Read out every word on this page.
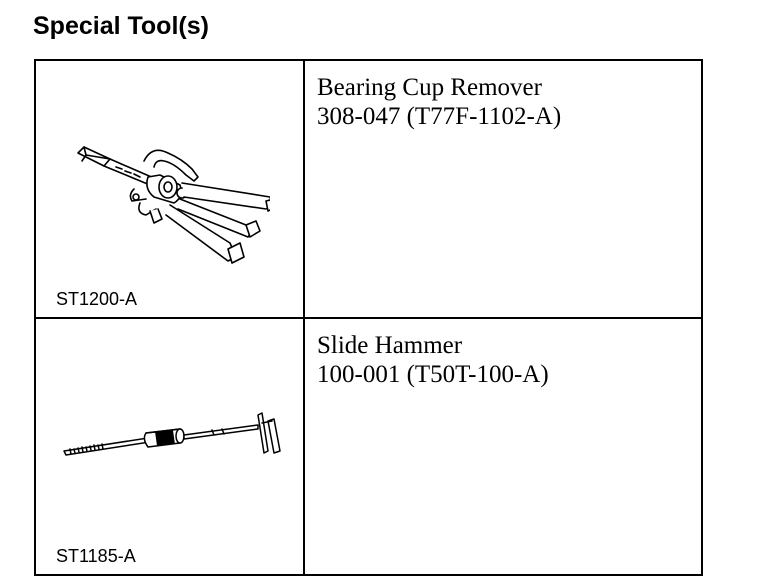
Special Tool(s)
ST1200-A
Bearing Cup Remover
308-047 (T77F-1102-A)
ST1185-A
Slide Hammer
100-001 (T50T-100-A)
